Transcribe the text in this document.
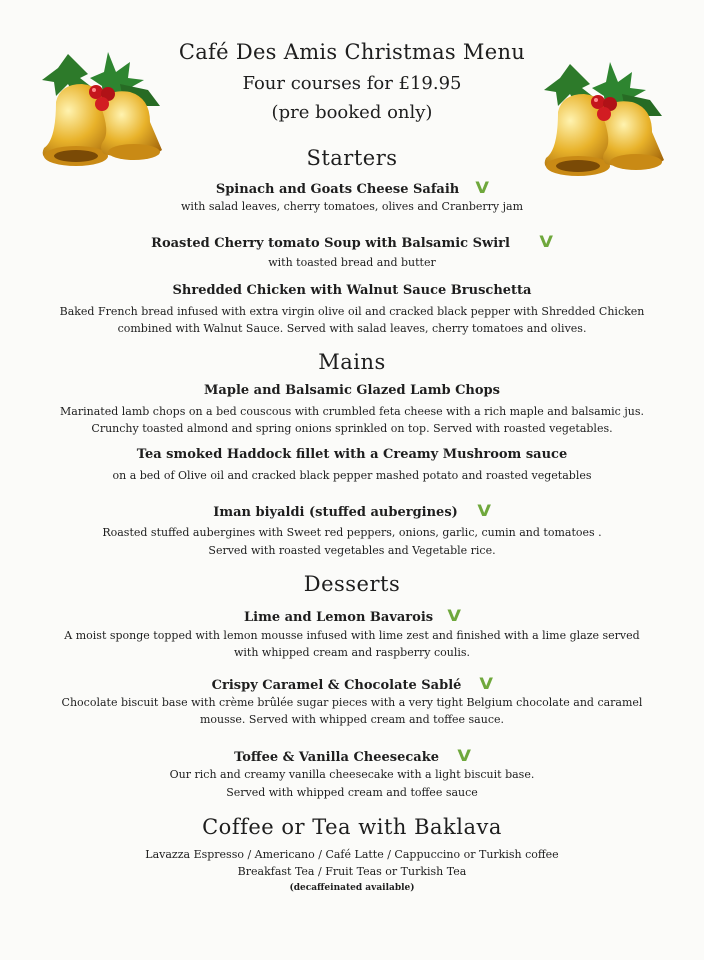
Café Des Amis Christmas Menu
Four courses for £19.95
(pre booked only)
Starters
Spinach and Goats Cheese Safaih V
with salad leaves, cherry tomatoes, olives and Cranberry jam
Roasted Cherry tomato Soup with Balsamic Swirl V
with toasted bread and butter
Shredded Chicken with Walnut Sauce Bruschetta
Baked French bread infused with extra virgin olive oil and cracked black pepper with Shredded Chicken
combined with Walnut Sauce. Served with salad leaves, cherry tomatoes and olives.
Mains
Maple and Balsamic Glazed Lamb Chops
Marinated lamb chops on a bed couscous with crumbled feta cheese with a rich maple and balsamic jus.
Crunchy toasted almond and spring onions sprinkled on top. Served with roasted vegetables.
Tea smoked Haddock fillet with a Creamy Mushroom sauce
on a bed of Olive oil and cracked black pepper mashed potato and roasted vegetables
Iman biyaldi (stuffed aubergines) V
Roasted stuffed aubergines with Sweet red peppers, onions, garlic, cumin and tomatoes .
Served with roasted vegetables and Vegetable rice.
Desserts
Lime and Lemon Bavarois V
A moist sponge topped with lemon mousse infused with lime zest and finished with a lime glaze served
with whipped cream and raspberry coulis.
Crispy Caramel & Chocolate Sablé V
Chocolate biscuit base with crème brûlée sugar pieces with a very tight Belgium chocolate and caramel
mousse. Served with whipped cream and toffee sauce.
Toffee & Vanilla Cheesecake V
Our rich and creamy vanilla cheesecake with a light biscuit base.
Served with whipped cream and toffee sauce
Coffee or Tea with Baklava
Lavazza Espresso / Americano / Café Latte / Cappuccino or Turkish coffee
Breakfast Tea / Fruit Teas or Turkish Tea
(decaffeinated available)
